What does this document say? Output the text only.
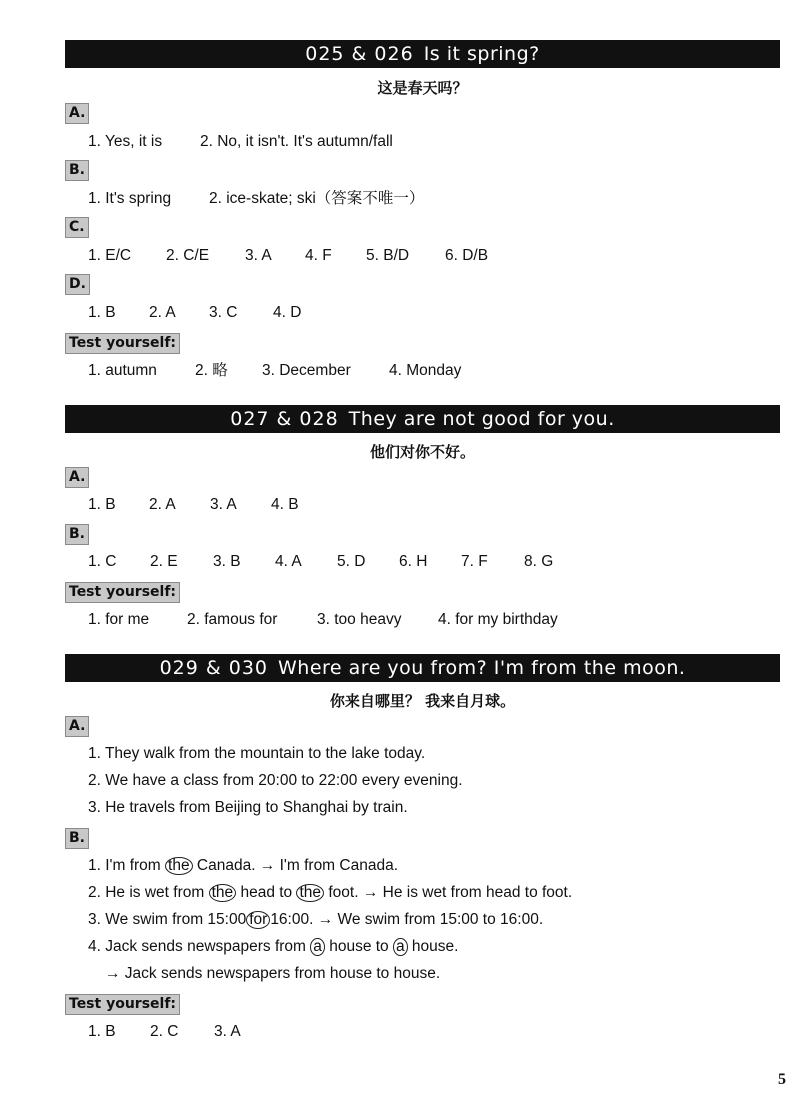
025 & 026 Is it spring?
这是春天吗？
A.
1. Yes, it is 2. No, it isn't. It's autumn/fall
B.
1. It's spring 2. ice-skate; ski（答案不唯一）
C.
1. E/C 2. C/E 3. A 4. F 5. B/D 6. D/B
D.
1. B 2. A 3. C 4. D
Test yourself:
1. autumn 2. 略 3. December 4. Monday
027 & 028 They are not good for you.
他们对你不好。
A.
1. B 2. A 3. A 4. B
B.
1. C 2. E 3. B 4. A 5. D 6. H 7. F 8. G
Test yourself:
1. for me 2. famous for	3. too heavy 4. for my birthday
029 & 030 Where are you from? I'm from the moon.
你来自哪里？ 我来自月球。
A.
1. They walk from the mountain to the lake today.
2. We have a class from 20:00 to 22:00 every evening.
3. He travels from Beijing to Shanghai by train.
B.
1. I'm from the Canada. → I'm from Canada.
2. He is wet from the head to the foot. → He is wet from head to foot.
3. We swim from 15:00 for 16:00. → We swim from 15:00 to 16:00.
4. Jack sends newspapers from a house to a house.
→ Jack sends newspapers from house to house.
Test yourself:
1. B 2. C 3. A
5
